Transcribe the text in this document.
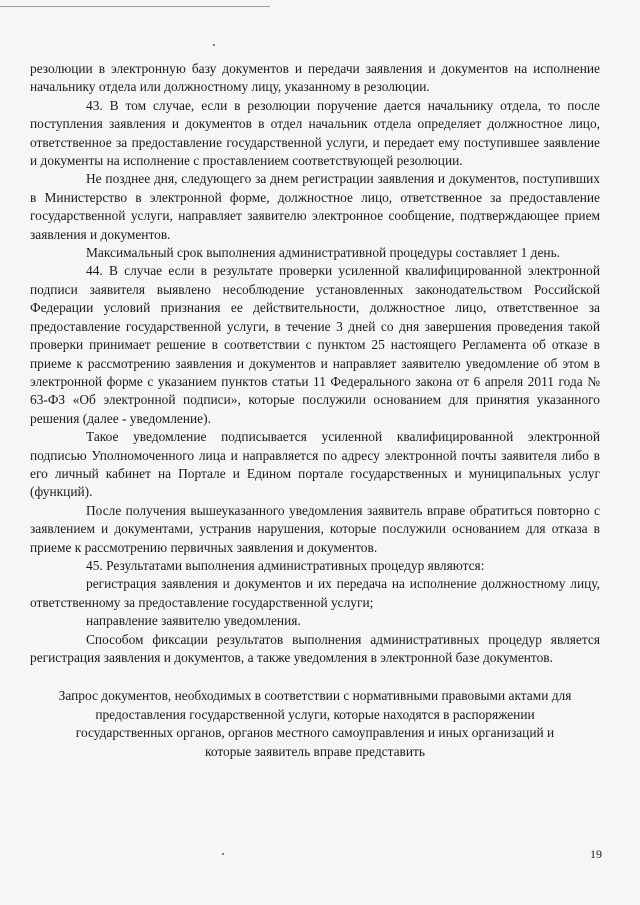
резолюции в электронную базу документов и передачи заявления и документов на исполнение начальнику отдела или должностному лицу, указанному в резолюции.

43. В том случае, если в резолюции поручение дается начальнику отдела, то после поступления заявления и документов в отдел начальник отдела определяет должностное лицо, ответственное за предоставление государственной услуги, и передает ему поступившее заявление и документы на исполнение с проставлением соответствующей резолюции.

Не позднее дня, следующего за днем регистрации заявления и документов, поступивших в Министерство в электронной форме, должностное лицо, ответственное за предоставление государственной услуги, направляет заявителю электронное сообщение, подтверждающее прием заявления и документов.

Максимальный срок выполнения административной процедуры составляет 1 день.

44. В случае если в результате проверки усиленной квалифицированной электронной подписи заявителя выявлено несоблюдение установленных законодательством Российской Федерации условий признания ее действительности, должностное лицо, ответственное за предоставление государственной услуги, в течение 3 дней со дня завершения проведения такой проверки принимает решение в соответствии с пунктом 25 настоящего Регламента об отказе в приеме к рассмотрению заявления и документов и направляет заявителю уведомление об этом в электронной форме с указанием пунктов статьи 11 Федерального закона от 6 апреля 2011 года № 63-ФЗ «Об электронной подписи», которые послужили основанием для принятия указанного решения (далее - уведомление).

Такое уведомление подписывается усиленной квалифицированной электронной подписью Уполномоченного лица и направляется по адресу электронной почты заявителя либо в его личный кабинет на Портале и Едином портале государственных и муниципальных услуг (функций).

После получения вышеуказанного уведомления заявитель вправе обратиться повторно с заявлением и документами, устранив нарушения, которые послужили основанием для отказа в приеме к рассмотрению первичных заявления и документов.

45. Результатами выполнения административных процедур являются:

регистрация заявления и документов и их передача на исполнение должностному лицу, ответственному за предоставление государственной услуги;

направление заявителю уведомления.

Способом фиксации результатов выполнения административных процедур является регистрация заявления и документов, а также уведомления в электронной базе документов.

Запрос документов, необходимых в соответствии с нормативными правовыми актами для предоставления государственной услуги, которые находятся в распоряжении государственных органов, органов местного самоуправления и иных организаций и которые заявитель вправе представить

19
